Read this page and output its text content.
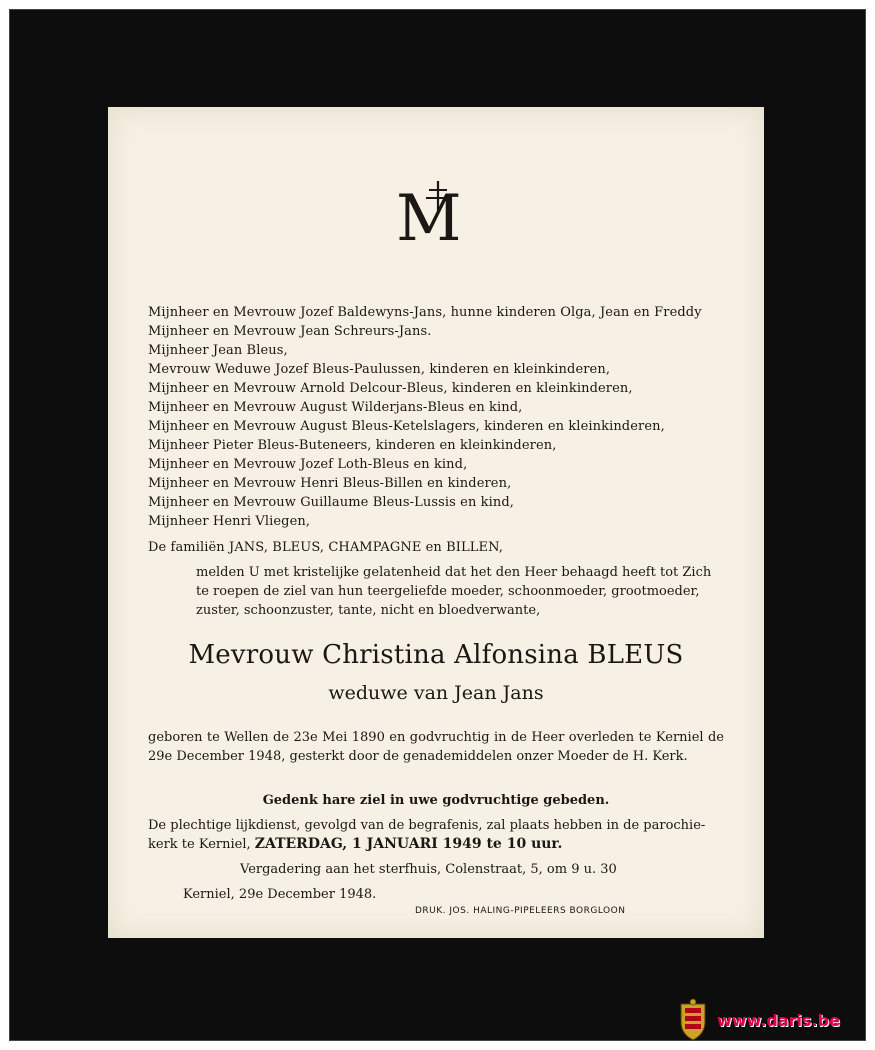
M
Mijnheer en Mevrouw Jozef Baldewyns-Jans, hunne kinderen Olga, Jean en Freddy
Mijnheer en Mevrouw Jean Schreurs-Jans.
Mijnheer Jean Bleus,
Mevrouw Weduwe Jozef Bleus-Paulussen, kinderen en kleinkinderen,
Mijnheer en Mevrouw Arnold Delcour-Bleus, kinderen en kleinkinderen,
Mijnheer en Mevrouw August Wilderjans-Bleus en kind,
Mijnheer en Mevrouw August Bleus-Ketelslagers, kinderen en kleinkinderen,
Mijnheer Pieter Bleus-Buteneers, kinderen en kleinkinderen,
Mijnheer en Mevrouw Jozef Loth-Bleus en kind,
Mijnheer en Mevrouw Henri Bleus-Billen en kinderen,
Mijnheer en Mevrouw Guillaume Bleus-Lussis en kind,
Mijnheer Henri Vliegen,
De familiën JANS, BLEUS, CHAMPAGNE en BILLEN,
melden U met kristelijke gelatenheid dat het den Heer behaagd heeft tot Zich
te roepen de ziel van hun teergeliefde moeder, schoonmoeder, grootmoeder,
zuster, schoonzuster, tante, nicht en bloedverwante,
Mevrouw Christina Alfonsina BLEUS
weduwe van Jean Jans
geboren te Wellen de 23e Mei 1890 en godvruchtig in de Heer overleden te Kerniel de 29e December 1948, gesterkt door de genademiddelen onzer Moeder de H. Kerk.
Gedenk hare ziel in uwe godvruchtige gebeden.
De plechtige lijkdienst, gevolgd van de begrafenis, zal plaats hebben in de parochie-
kerk te Kerniel, ZATERDAG, 1 JANUARI 1949 te 10 uur.
Vergadering aan het sterfhuis, Colenstraat, 5, om 9 u. 30
Kerniel, 29e December 1948.
DRUK. JOS. HALING-PIPELEERS BORGLOON
www.daris.be
